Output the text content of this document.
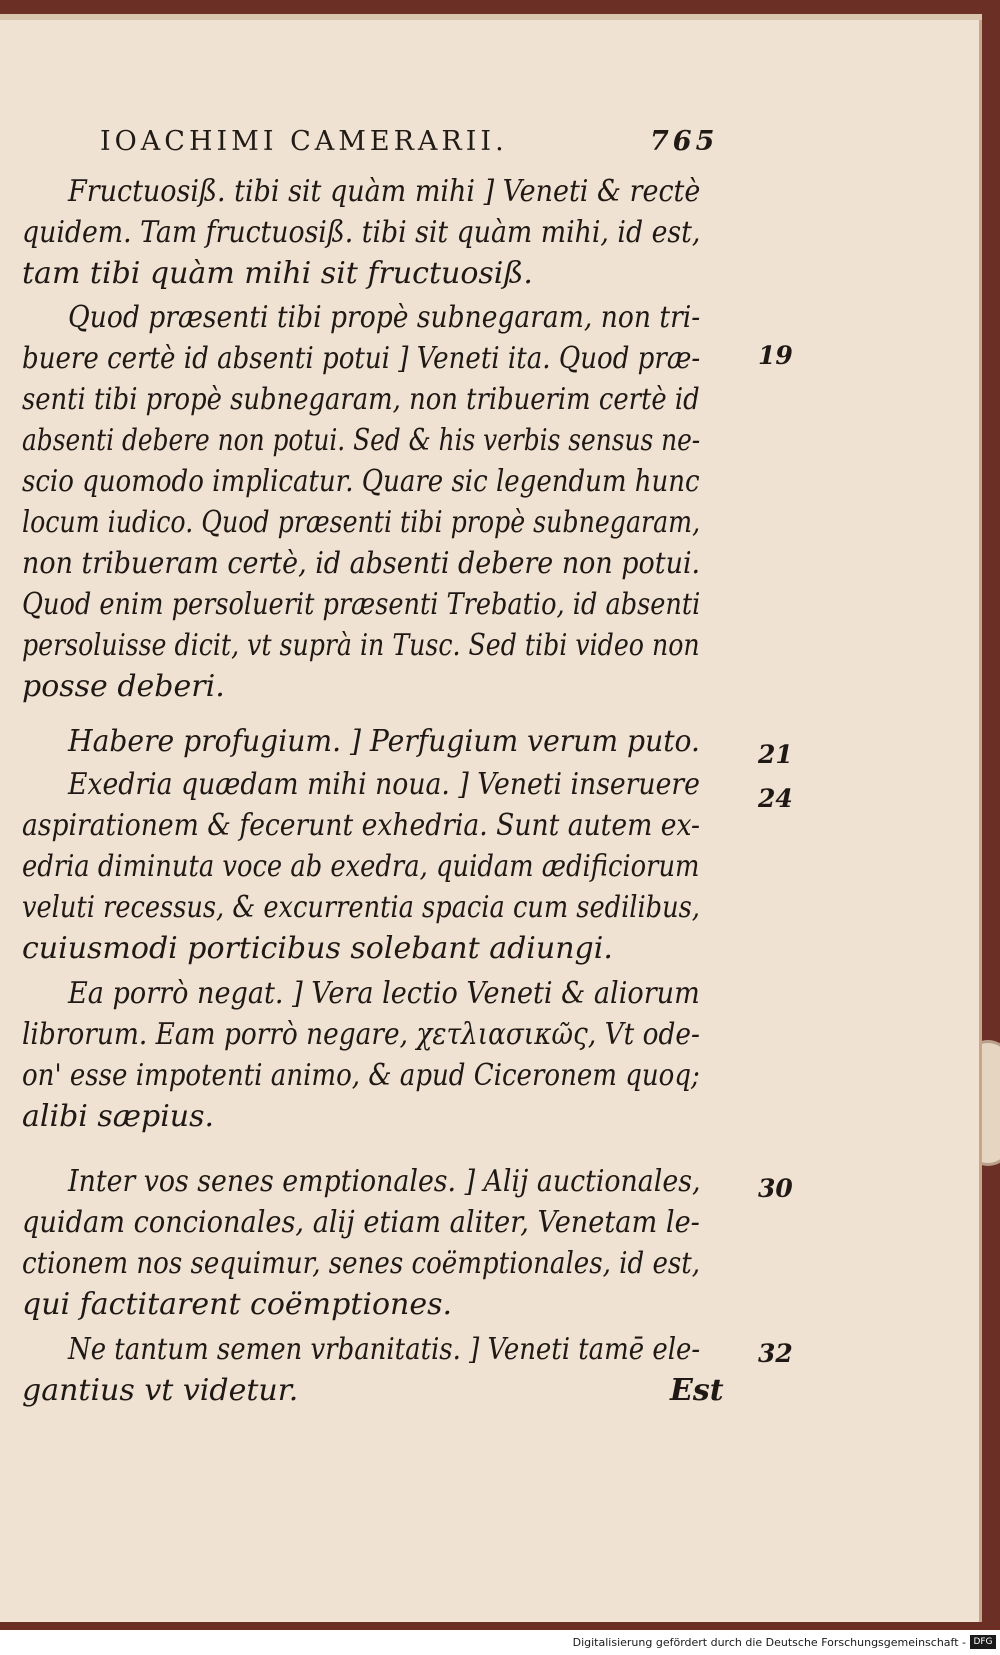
IOACHIMI CAMERARII.	765
Fructuosiß. tibi sit quàm mihi ] Veneti & rectè
quidem. Tam fructuosiß. tibi sit quàm mihi, id est,
tam tibi quàm mihi sit fructuosiß.
Quod præsenti tibi propè subnegaram, non tri-
buere certè id absenti potui ] Veneti ita. Quod præ-
senti tibi propè subnegaram, non tribuerim certè id
absenti debere non potui. Sed & his verbis sensus ne-
scio quomodo implicatur. Quare sic legendum hunc
locum iudico. Quod præsenti tibi propè subnegaram,
non tribueram certè, id absenti debere non potui.
Quod enim persoluerit præsenti Trebatio, id absenti
persoluisse dicit, vt suprà in Tusc. Sed tibi video non
posse deberi.
Habere profugium. ] Perfugium verum puto.
Exedria quædam mihi noua. ] Veneti inseruere
aspirationem & fecerunt exhedria. Sunt autem ex-
edria diminuta voce ab exedra, quidam ædificiorum
veluti recessus, & excurrentia spacia cum sedilibus,
cuiusmodi porticibus solebant adiungi.
Ea porrò negat. ] Vera lectio Veneti & aliorum
librorum. Eam porrò negare, χετλιασικῶς, Vt ode-
on' esse impotenti animo, & apud Ciceronem quoq;
alibi sæpius.
Inter vos senes emptionales. ] Alij auctionales,
quidam concionales, alij etiam aliter, Venetam le-
ctionem nos sequimur, senes coëmptionales, id est,
qui factitarent coëmptiones.
Ne tantum semen vrbanitatis. ] Veneti tamē ele-
gantius vt videtur.	Est
19
21
24
30
32
Digitalisierung gefördert durch die Deutsche Forschungsgemeinschaft - DFG
